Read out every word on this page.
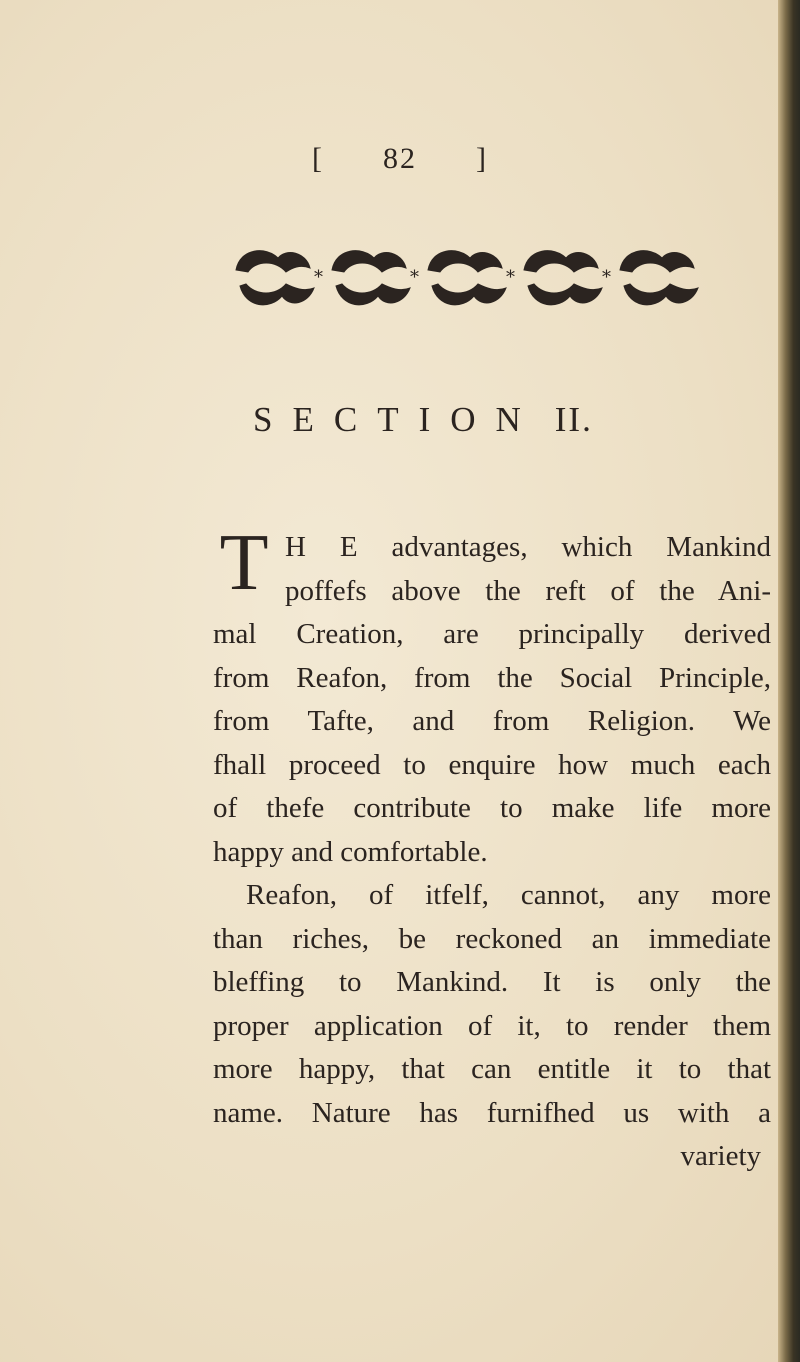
[ 82 ]
*	*	*	*
SECTION II.
T H E advantages, which Mankind
poffefs above the reft of the Ani-
mal Creation, are principally derived
from Reafon, from the Social Principle,
from Tafte, and from Religion. We
fhall proceed to enquire how much each
of thefe contribute to make life more
happy and comfortable.
Reafon, of itfelf, cannot, any more
than riches, be reckoned an immediate
bleffing to Mankind. It is only the
proper application of it, to render them
more happy, that can entitle it to that
name. Nature has furnifhed us with a
variety
